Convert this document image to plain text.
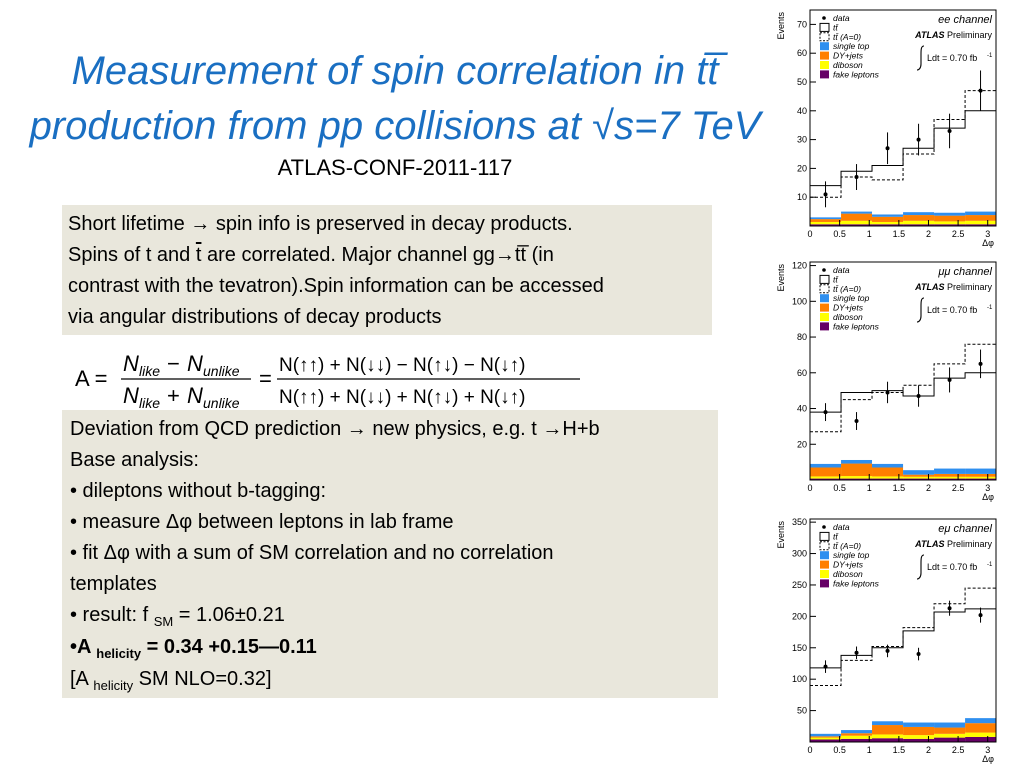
Measurement of spin correlation in tt̅
production from pp collisions at √s=7 TeV
ATLAS-CONF-2011-117
Short lifetime → spin info is preserved in decay products.
Spins of t and $\overline{t}$ are correlated. Major channel gg→tt̅ (in
contrast with the tevatron).Spin information can be accessed
via angular distributions of decay products
A =
N like − N unlike
N like + N unlike
=
N(↑↑) + N(↓↓) − N(↑↓) − N(↓↑)
N(↑↑) + N(↓↓) + N(↑↓) + N(↓↑)
Deviation from QCD prediction → new physics, e.g. t →H+b
Base analysis:
• dileptons without b-tagging:
• measure Δφ between leptons in lab frame
• fit Δφ with a sum of SM correlation and no correlation
templates
• result: f $_{SM}$ = 1.06±0.21
•A $_{helicity}$ = 0.34 +0.15—0.11
[A $_{helicity}$ SM NLO=0.32]
10
20
30
40
50
60
70
0 0.5 1 1.5 2 2.5 3
Δφ
Events	data
tt̄
tt̄ (A=0)
single top
DY+jets
diboson
fake leptons
ee channel
ATLAS Preliminary
Ldt = 0.70 fb -1
20
40
60
80
100
120
0 0.5 1 1.5 2 2.5 3
Δφ
Events	data
tt̄
tt̄ (A=0)
single top
DY+jets
diboson
fake leptons
μμ channel
ATLAS Preliminary
Ldt = 0.70 fb -1
50
100
150
200
250
300
350
0 0.5 1 1.5 2 2.5 3
Δφ
Events	data
tt̄
tt̄ (A=0)
single top
DY+jets
diboson
fake leptons
eμ channel
ATLAS Preliminary
Ldt = 0.70 fb -1
